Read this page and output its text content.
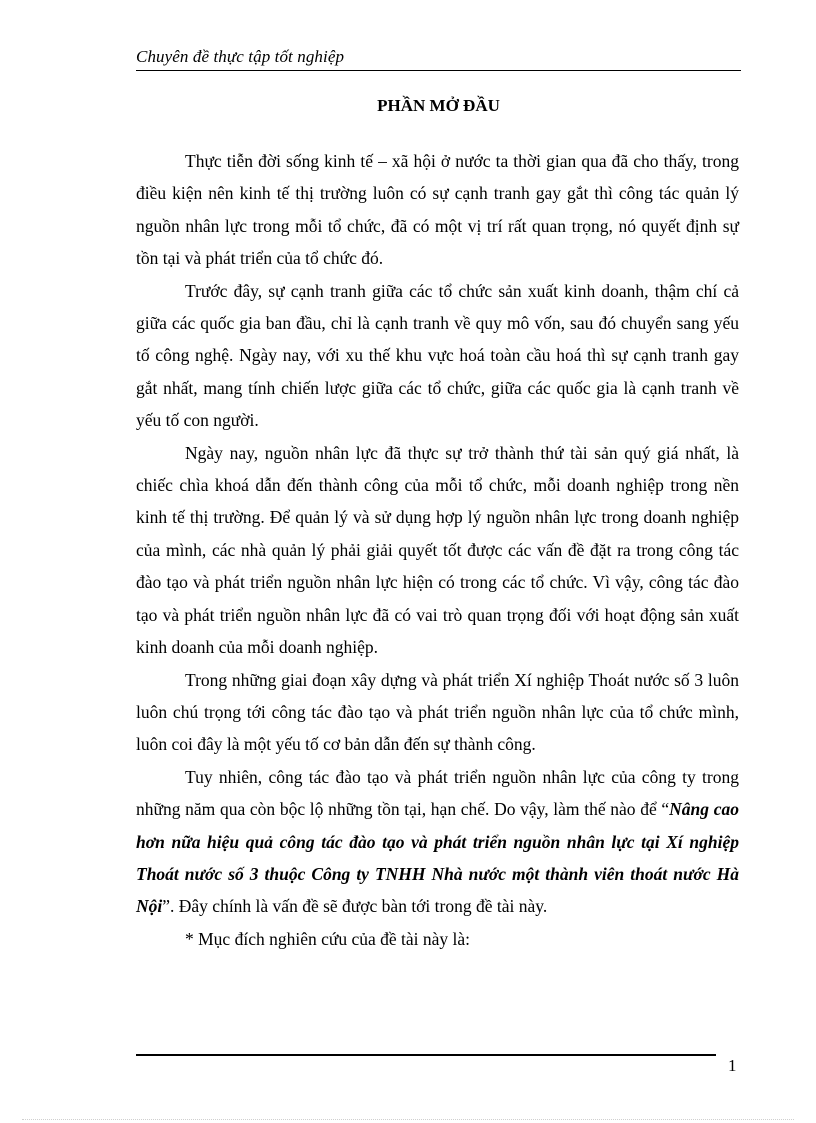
Chuyên đề thực tập tốt nghiệp
PHẦN MỞ ĐẦU

Thực tiễn đời sống kinh tế – xã hội ở nước ta thời gian qua đã cho thấy, trong điều kiện nên kinh tế thị trường luôn có sự cạnh tranh gay gắt thì công tác quản lý nguồn nhân lực trong mỗi tổ chức, đã có một vị trí rất quan trọng, nó quyết định sự tồn tại và phát triển của tổ chức đó.

Trước đây, sự cạnh tranh giữa các tổ chức sản xuất kinh doanh, thậm chí cả giữa các quốc gia ban đầu, chỉ là cạnh tranh về quy mô vốn, sau đó chuyển sang yếu tố công nghệ. Ngày nay, với xu thế khu vực hoá toàn cầu hoá thì sự cạnh tranh gay gắt nhất, mang tính chiến lược giữa các tổ chức, giữa các quốc gia là cạnh tranh về yếu tố con người.

Ngày nay, nguồn nhân lực đã thực sự trở thành thứ tài sản quý giá nhất, là chiếc chìa khoá dẫn đến thành công của mỗi tổ chức, mỗi doanh nghiệp trong nền kinh tế thị trường. Để quản lý và sử dụng hợp lý nguồn nhân lực trong doanh nghiệp của mình, các nhà quản lý phải giải quyết tốt được các vấn đề đặt ra trong công tác đào tạo và phát triển nguồn nhân lực hiện có trong các tổ chức. Vì vậy, công tác đào tạo và phát triển nguồn nhân lực đã có vai trò quan trọng đối với hoạt động sản xuất kinh doanh của mỗi doanh nghiệp.

Trong những giai đoạn xây dựng và phát triển Xí nghiệp Thoát nước số 3 luôn luôn chú trọng tới công tác đào tạo và phát triển nguồn nhân lực của tổ chức mình, luôn coi đây là một yếu tố cơ bản dẫn đến sự thành công.

Tuy nhiên, công tác đào tạo và phát triển nguồn nhân lực của công ty trong những năm qua còn bộc lộ những tồn tại, hạn chế. Do vậy, làm thế nào để “Nâng cao hơn nữa hiệu quả công tác đào tạo và phát triển nguồn nhân lực tại Xí nghiệp Thoát nước số 3 thuộc Công ty TNHH Nhà nước một thành viên thoát nước Hà Nội”. Đây chính là vấn đề sẽ được bàn tới trong đề tài này.

* Mục đích nghiên cứu của đề tài này là:

1
